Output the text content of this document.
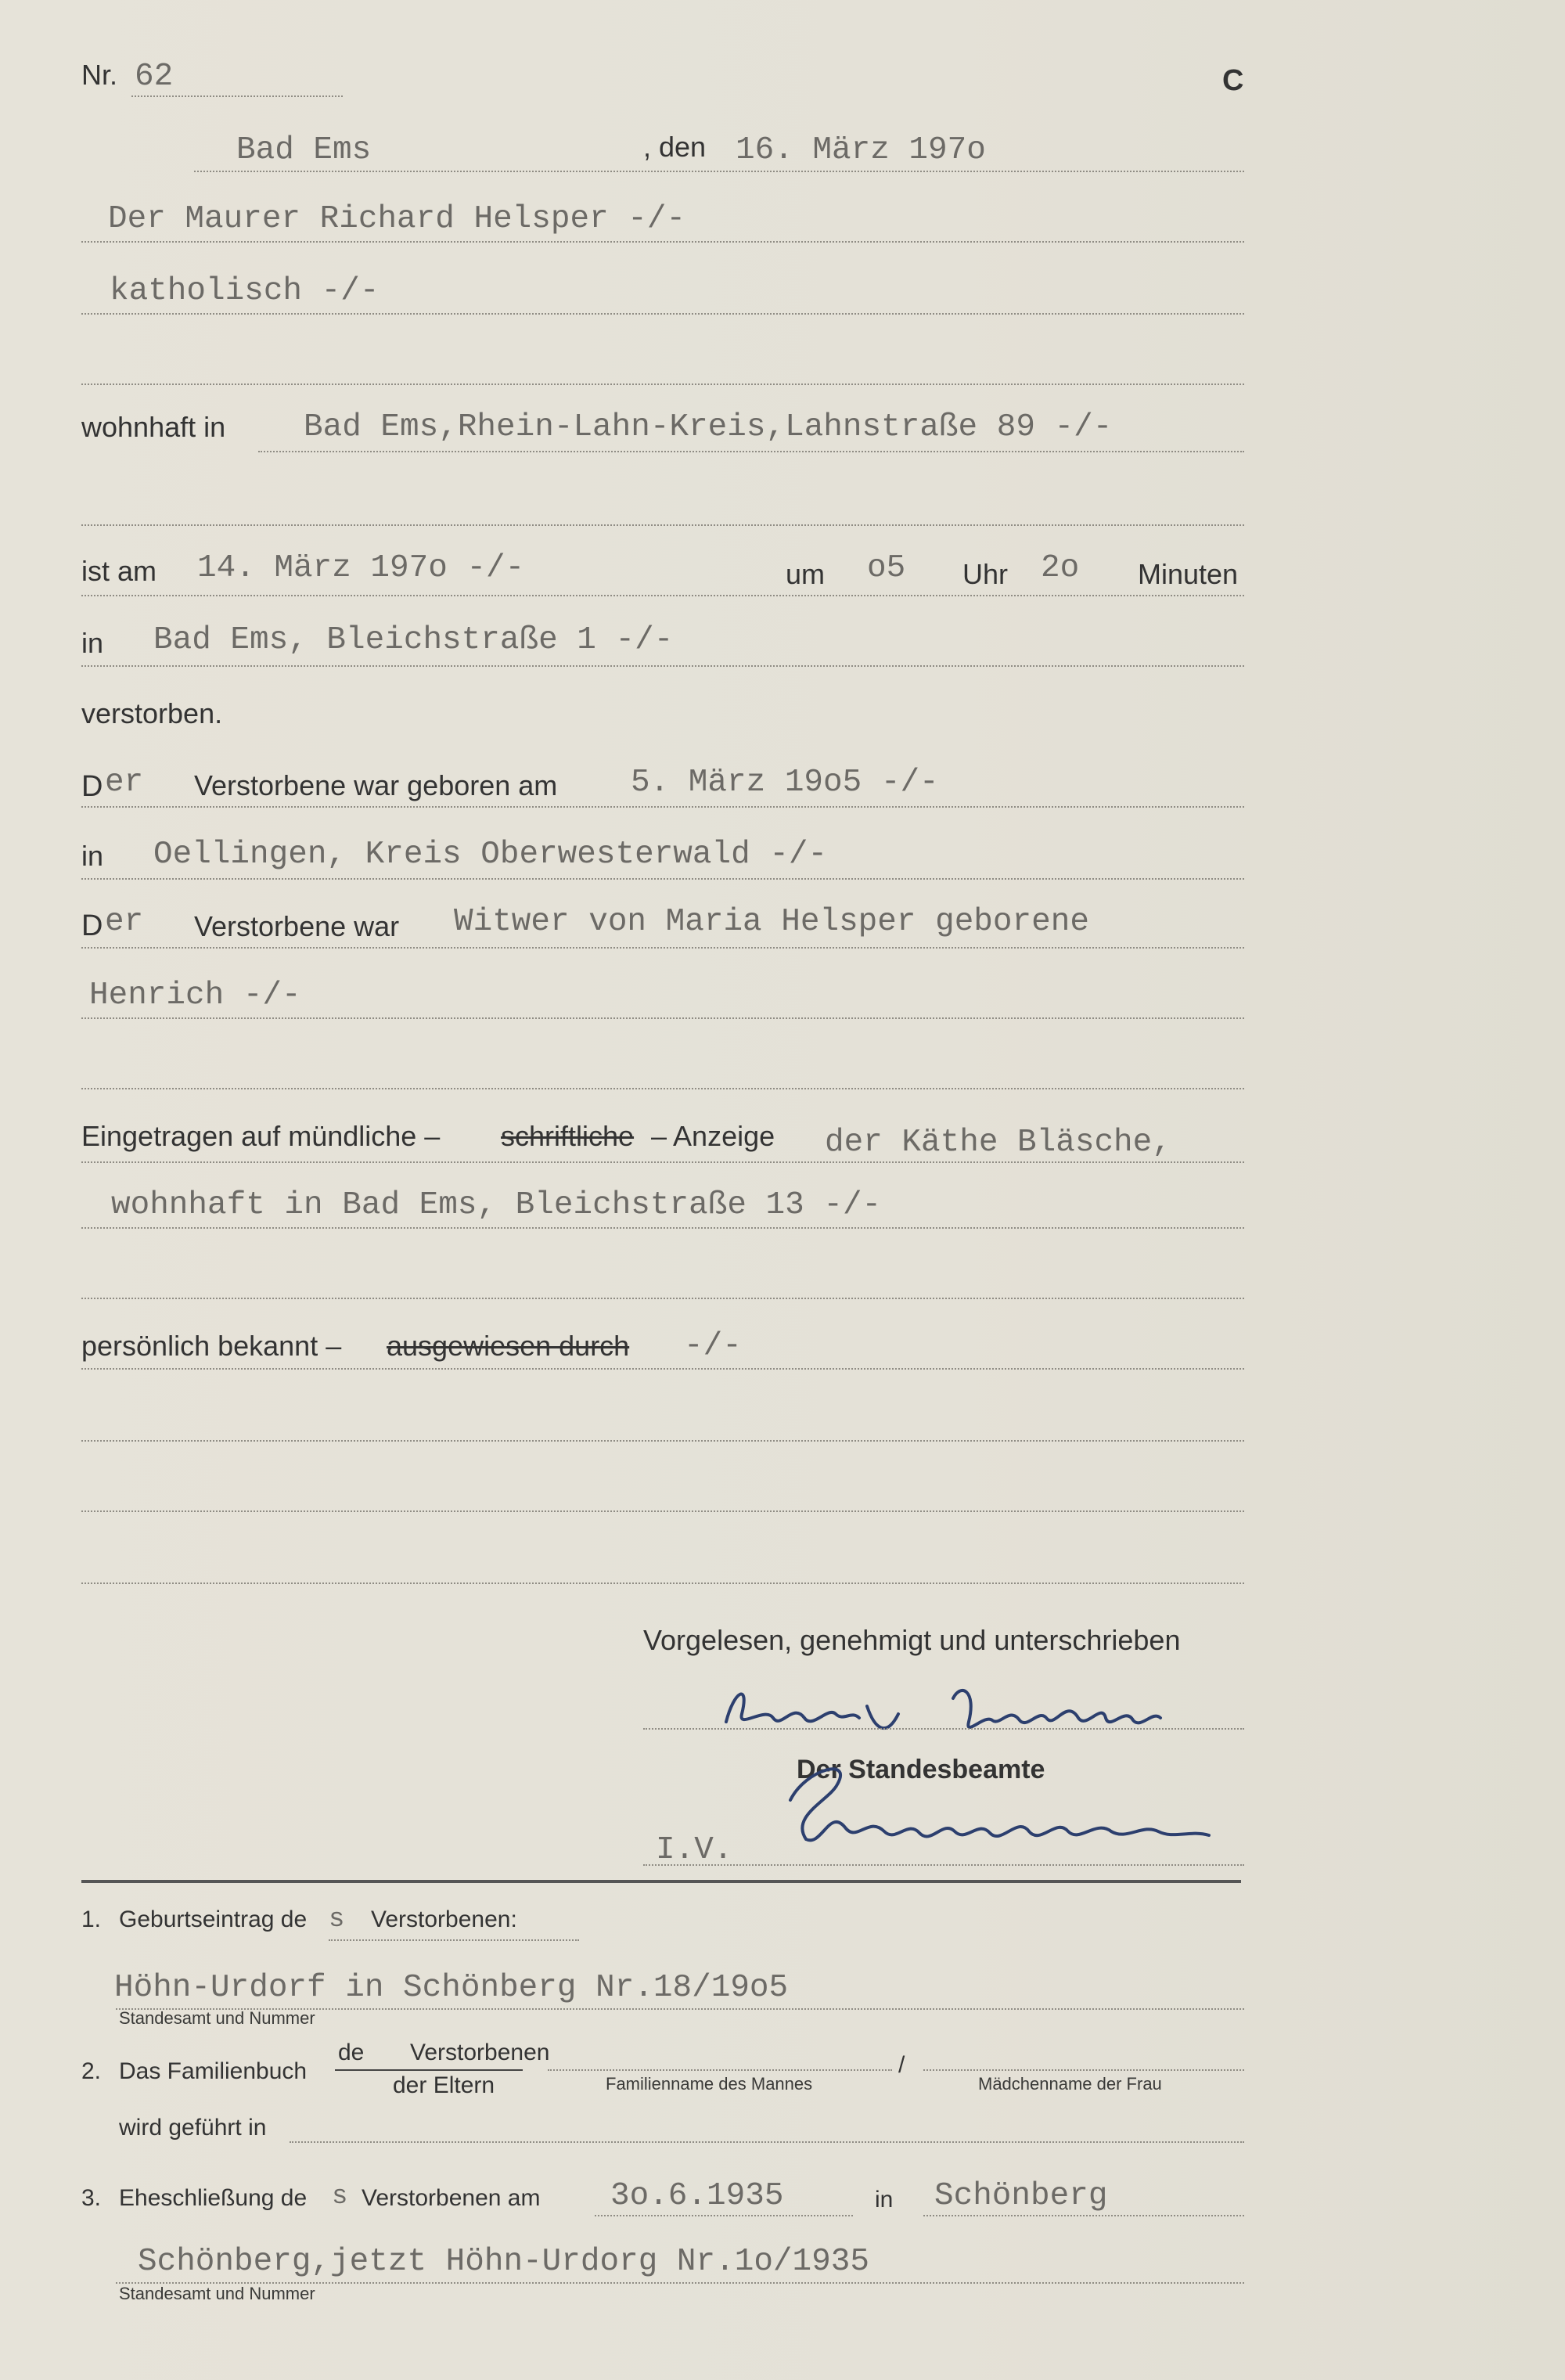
Nr. 62	C
Bad Ems	, den 16. März 197o
Der Maurer Richard Helsper -/-
katholisch -/-
wohnhaft in Bad Ems,Rhein-Lahn-Kreis,Lahnstraße 89 -/-
ist am 14. März 197o -/-	um o5 Uhr 2o Minuten
in Bad Ems, Bleichstraße 1 -/-
verstorben.
D er Verstorbene war geboren am 5. März 19o5 -/-
in Oellingen, Kreis Oberwesterwald -/-
D er Verstorbene war Witwer von Maria Helsper geborene
Henrich -/-
Eingetragen auf mündliche – schriftliche – Anzeige der Käthe Bläsche,
wohnhaft in Bad Ems, Bleichstraße 13 -/-
persönlich bekannt – ausgewiesen durch -/-
Vorgelesen, genehmigt und unterschrieben
Der Standesbeamte
I.V.
1. Geburtseintrag de s Verstorbenen:
Höhn-Urdorf in Schönberg Nr.18/19o5
Standesamt und Nummer
2. Das Familienbuch
de Verstorbenen
der Eltern	Familienname des Mannes
/
Mädchenname der Frau
wird geführt in
3. Eheschließung de s Verstorbenen am 3o.6.1935	in Schönberg
Schönberg,jetzt Höhn-Urdorg Nr.1o/1935
Standesamt und Nummer
